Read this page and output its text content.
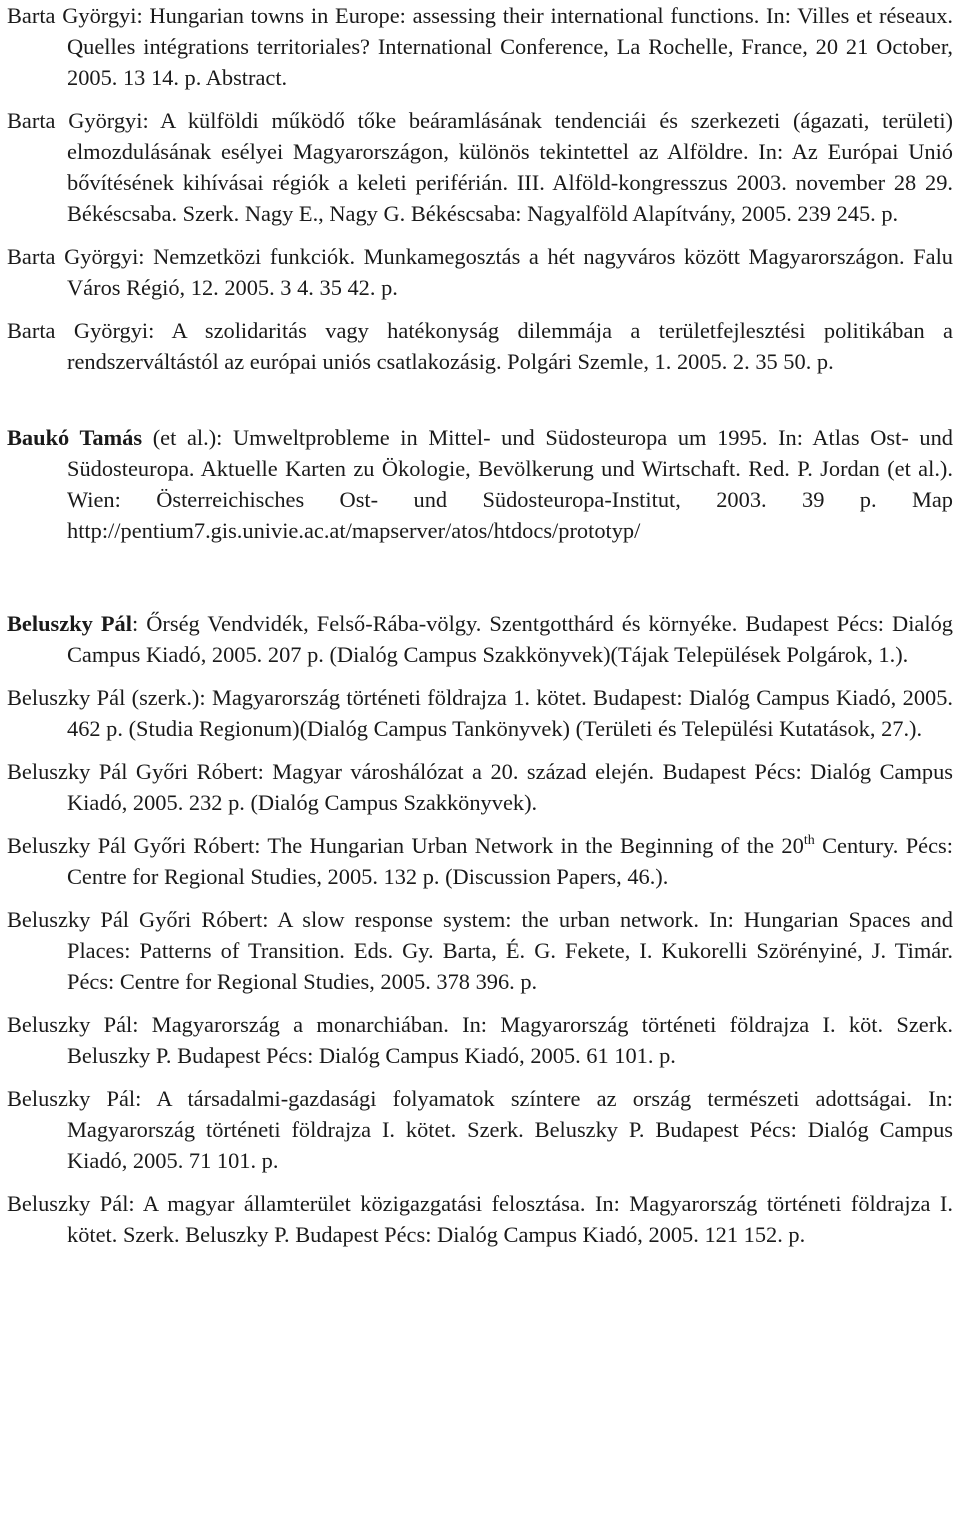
Barta Györgyi: Hungarian towns in Europe: assessing their international functions. In: Villes et réseaux. Quelles intégrations territoriales? International Conference, La Rochelle, France, 20 21 October, 2005. 13 14. p. Abstract.

Barta Györgyi: A külföldi működő tőke beáramlásának tendenciái és szerkezeti (ágazati, területi) elmozdulásának esélyei Magyarországon, különös tekintettel az Alföldre. In: Az Európai Unió bővítésének kihívásai régiók a keleti periférián. III. Alföld-kongresszus 2003. november 28 29. Békéscsaba. Szerk. Nagy E., Nagy G. Békéscsaba: Nagyalföld Alapítvány, 2005. 239 245. p.

Barta Györgyi: Nemzetközi funkciók. Munkamegosztás a hét nagyváros között Magyarországon. Falu Város Régió, 12. 2005. 3 4. 35 42. p.

Barta Györgyi: A szolidaritás vagy hatékonyság dilemmája a területfejlesztési politikában a rendszerváltástól az európai uniós csatlakozásig. Polgári Szemle, 1. 2005. 2. 35 50. p.

Baukó Tamás (et al.): Umweltprobleme in Mittel- und Südosteuropa um 1995. In: Atlas Ost- und Südosteuropa. Aktuelle Karten zu Ökologie, Bevölkerung und Wirtschaft. Red. P. Jordan (et al.). Wien: Österreichisches Ost- und Südosteuropa-Institut, 2003. 39 p. Map http://pentium7.gis.univie.ac.at/mapserver/atos/htdocs/​prototyp/

Beluszky Pál: Őrség Vendvidék, Felső-Rába-völgy. Szentgotthárd és környéke. Budapest Pécs: Dialóg Campus Kiadó, 2005. 207 p. (Dialóg Campus Szakkönyvek)(Tájak Települések Polgárok, 1.).

Beluszky Pál (szerk.): Magyarország történeti földrajza 1. kötet. Budapest: Dialóg Campus Kiadó, 2005. 462 p. (Studia Regionum)(Dialóg Campus Tankönyvek) (Területi és Települési Kutatások, 27.).

Beluszky Pál Győri Róbert: Magyar városhálózat a 20. század elején. Budapest Pécs: Dialóg Campus Kiadó, 2005. 232 p. (Dialóg Campus Szakkönyvek).

Beluszky Pál Győri Róbert: The Hungarian Urban Network in the Beginning of the 20th Century. Pécs: Centre for Regional Studies, 2005. 132 p. (Discussion Papers, 46.).

Beluszky Pál Győri Róbert: A slow response system: the urban network. In: Hungarian Spaces and Places: Patterns of Transition. Eds. Gy. Barta, É. G. Fekete, I. Kukorelli Szörényiné, J. Timár. Pécs: Centre for Regional Studies, 2005. 378 396. p.

Beluszky Pál: Magyarország a monarchiában. In: Magyarország történeti földrajza I. köt. Szerk. Beluszky P. Budapest Pécs: Dialóg Campus Kiadó, 2005. 61 101. p.

Beluszky Pál: A társadalmi-gazdasági folyamatok színtere az ország természeti adottságai. In: Magyarország történeti földrajza I. kötet. Szerk. Beluszky P. Budapest Pécs: Dialóg Campus Kiadó, 2005. 71 101. p.

Beluszky Pál: A magyar államterület közigazgatási felosztása. In: Magyarország történeti földrajza I. kötet. Szerk. Beluszky P. Budapest Pécs: Dialóg Campus Kiadó, 2005. 121 152. p.
